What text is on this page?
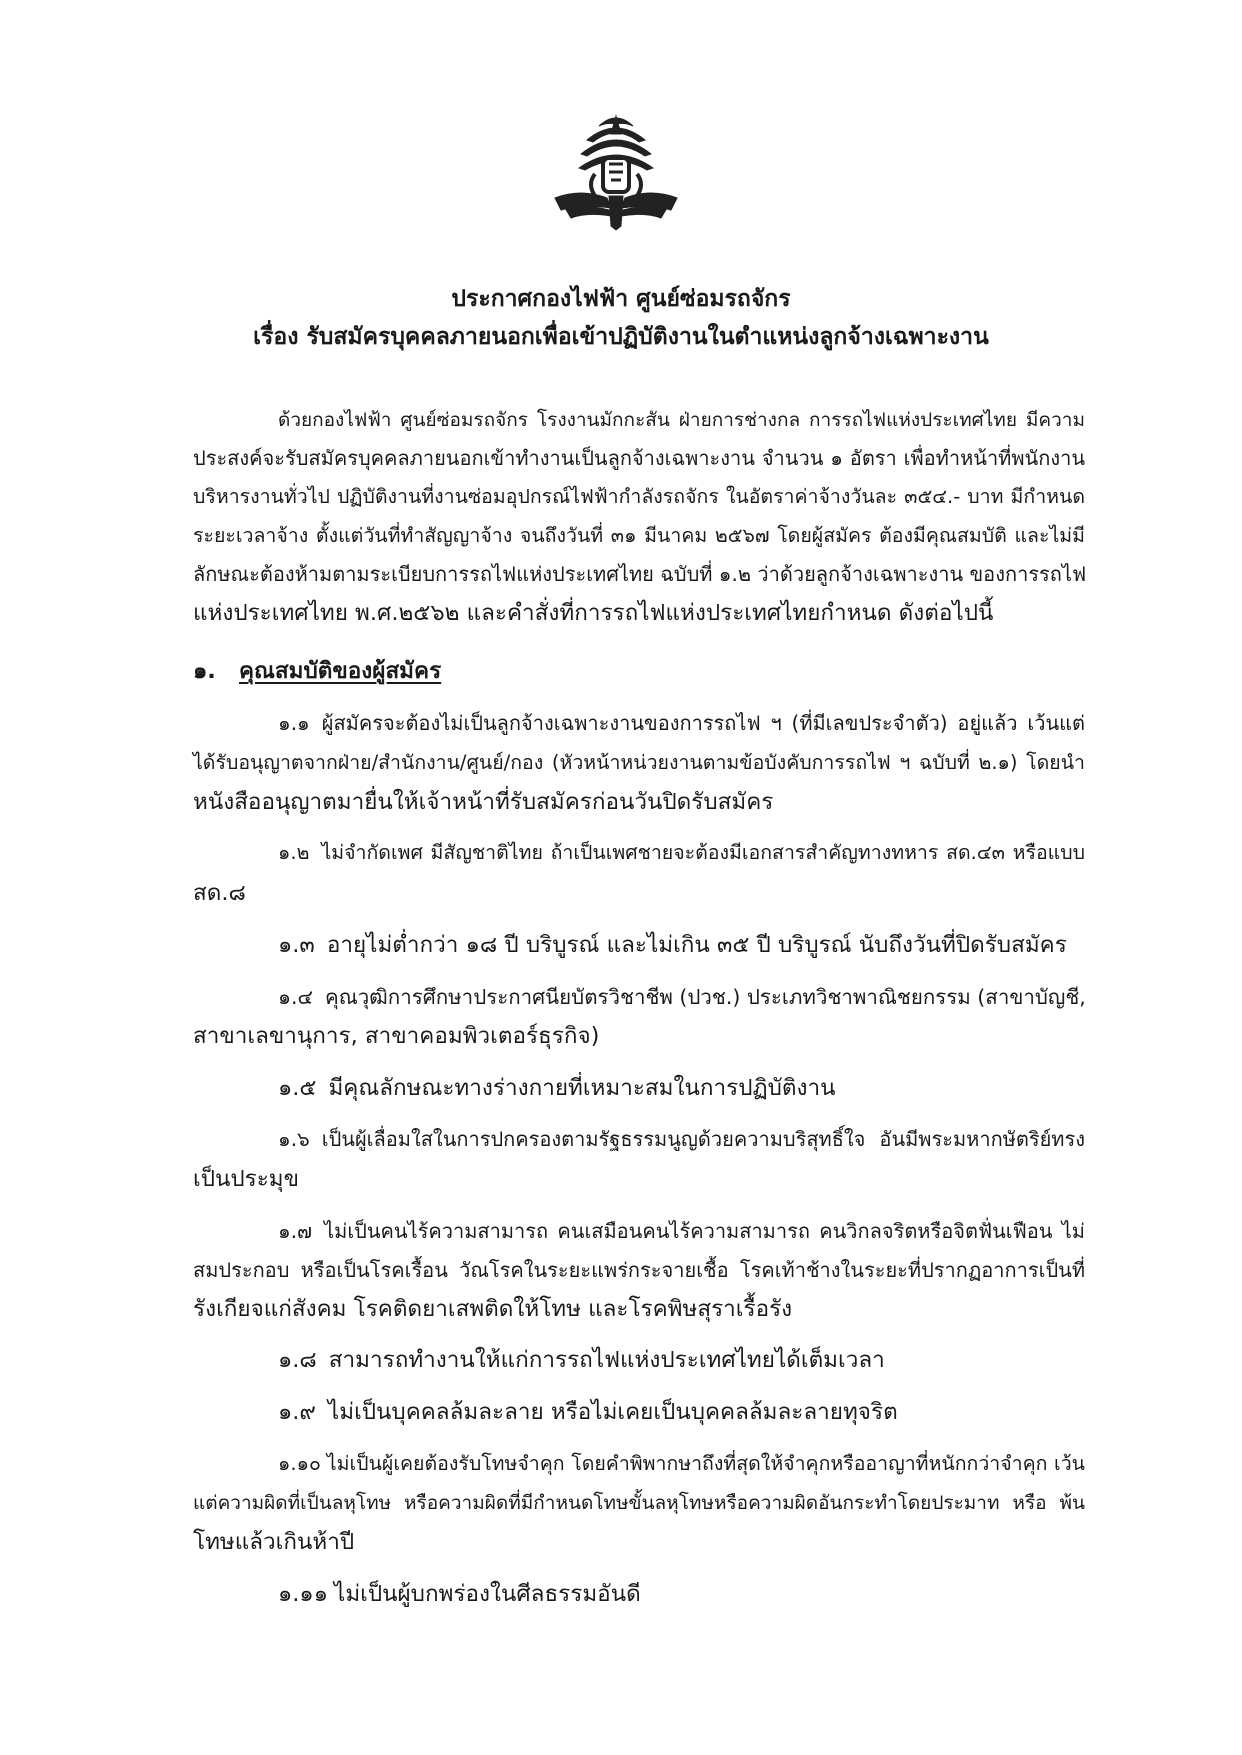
ประกาศกองไฟฟ้า ศูนย์ซ่อมรถจักร
เรื่อง รับสมัครบุคคลภายนอกเพื่อเข้าปฏิบัติงานในตำแหน่งลูกจ้างเฉพาะงาน
ด้วยกองไฟฟ้า ศูนย์ซ่อมรถจักร โรงงานมักกะสัน ฝ่ายการช่างกล การรถไฟแห่งประเทศไทย มีความ
ประสงค์จะรับสมัครบุคคลภายนอกเข้าทำงานเป็นลูกจ้างเฉพาะงาน จำนวน ๑ อัตรา เพื่อทำหน้าที่พนักงาน
บริหารงานทั่วไป ปฏิบัติงานที่งานซ่อมอุปกรณ์ไฟฟ้ากำลังรถจักร ในอัตราค่าจ้างวันละ ๓๕๔.- บาท มีกำหนด
ระยะเวลาจ้าง ตั้งแต่วันที่ทำสัญญาจ้าง จนถึงวันที่ ๓๑ มีนาคม ๒๕๖๗ โดยผู้สมัคร ต้องมีคุณสมบัติ และไม่มี
ลักษณะต้องห้ามตามระเบียบการรถไฟแห่งประเทศไทย ฉบับที่ ๑.๒ ว่าด้วยลูกจ้างเฉพาะงาน ของการรถไฟ
แห่งประเทศไทย พ.ศ.๒๕๖๒ และคำสั่งที่การรถไฟแห่งประเทศไทยกำหนด ดังต่อไปนี้
๑. คุณสมบัติของผู้สมัคร
๑.๑ ผู้สมัครจะต้องไม่เป็นลูกจ้างเฉพาะงานของการรถไฟ ฯ (ที่มีเลขประจำตัว) อยู่แล้ว เว้นแต่
ได้รับอนุญาตจากฝ่าย/สำนักงาน/ศูนย์/กอง (หัวหน้าหน่วยงานตามข้อบังคับการรถไฟ ฯ ฉบับที่ ๒.๑) โดยนำ
หนังสืออนุญาตมายื่นให้เจ้าหน้าที่รับสมัครก่อนวันปิดรับสมัคร
๑.๒ ไม่จำกัดเพศ มีสัญชาติไทย ถ้าเป็นเพศชายจะต้องมีเอกสารสำคัญทางทหาร สด.๔๓ หรือแบบ
สด.๘
๑.๓ อายุไม่ต่ำกว่า ๑๘ ปี บริบูรณ์ และไม่เกิน ๓๕ ปี บริบูรณ์ นับถึงวันที่ปิดรับสมัคร
๑.๔ คุณวุฒิการศึกษาประกาศนียบัตรวิชาชีพ (ปวช.) ประเภทวิชาพาณิชยกรรม (สาขาบัญชี,
สาขาเลขานุการ, สาขาคอมพิวเตอร์ธุรกิจ)
๑.๕ มีคุณลักษณะทางร่างกายที่เหมาะสมในการปฏิบัติงาน
๑.๖ เป็นผู้เลื่อมใสในการปกครองตามรัฐธรรมนูญด้วยความบริสุทธิ์ใจ อันมีพระมหากษัตริย์ทรง
เป็นประมุข
๑.๗ ไม่เป็นคนไร้ความสามารถ คนเสมือนคนไร้ความสามารถ คนวิกลจริตหรือจิตฟั่นเฟือน ไม่
สมประกอบ หรือเป็นโรคเรื้อน วัณโรคในระยะแพร่กระจายเชื้อ โรคเท้าช้างในระยะที่ปรากฏอาการเป็นที่
รังเกียจแก่สังคม โรคติดยาเสพติดให้โทษ และโรคพิษสุราเรื้อรัง
๑.๘ สามารถทำงานให้แก่การรถไฟแห่งประเทศไทยได้เต็มเวลา
๑.๙ ไม่เป็นบุคคลล้มละลาย หรือไม่เคยเป็นบุคคลล้มละลายทุจริต
๑.๑๐ ไม่เป็นผู้เคยต้องรับโทษจำคุก โดยคำพิพากษาถึงที่สุดให้จำคุกหรืออาญาที่หนักกว่าจำคุก เว้น
แต่ความผิดที่เป็นลหุโทษ หรือความผิดที่มีกำหนดโทษขั้นลหุโทษหรือความผิดอันกระทำโดยประมาท หรือ พ้น
โทษแล้วเกินห้าปี
๑.๑๑ ไม่เป็นผู้บกพร่องในศีลธรรมอันดี
